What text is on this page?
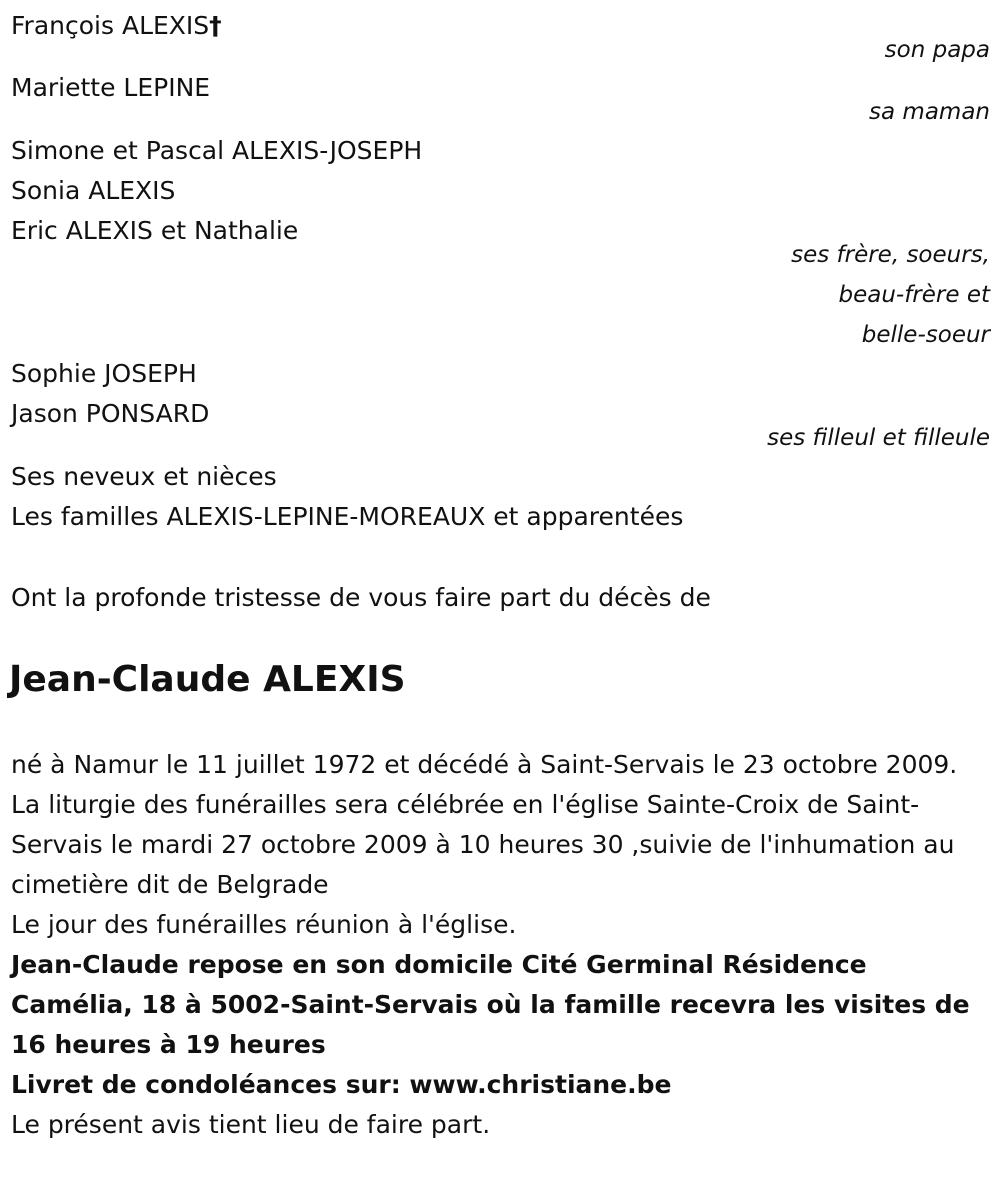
François ALEXIS†
son papa
Mariette LEPINE
sa maman
Simone et Pascal ALEXIS-JOSEPH
Sonia ALEXIS
Eric ALEXIS et Nathalie
ses frère, soeurs,
beau-frère et
belle-soeur
Sophie JOSEPH
Jason PONSARD
ses filleul et filleule
Ses neveux et nièces
Les familles ALEXIS-LEPINE-MOREAUX et apparentées
Ont la profonde tristesse de vous faire part du décès de
Jean-Claude ALEXIS
né à Namur le 11 juillet 1972 et décédé à Saint-Servais le 23 octobre 2009.
La liturgie des funérailles sera célébrée en l'église Sainte-Croix de Saint-Servais le mardi 27 octobre 2009 à 10 heures 30 ,suivie de l'inhumation au cimetière dit de Belgrade
Le jour des funérailles réunion à l'église.
Jean-Claude repose en son domicile Cité Germinal Résidence Camélia, 18 à 5002-Saint-Servais où la famille recevra les visites de 16 heures à 19 heures
Livret de condoléances sur: www.christiane.be
Le présent avis tient lieu de faire part.
